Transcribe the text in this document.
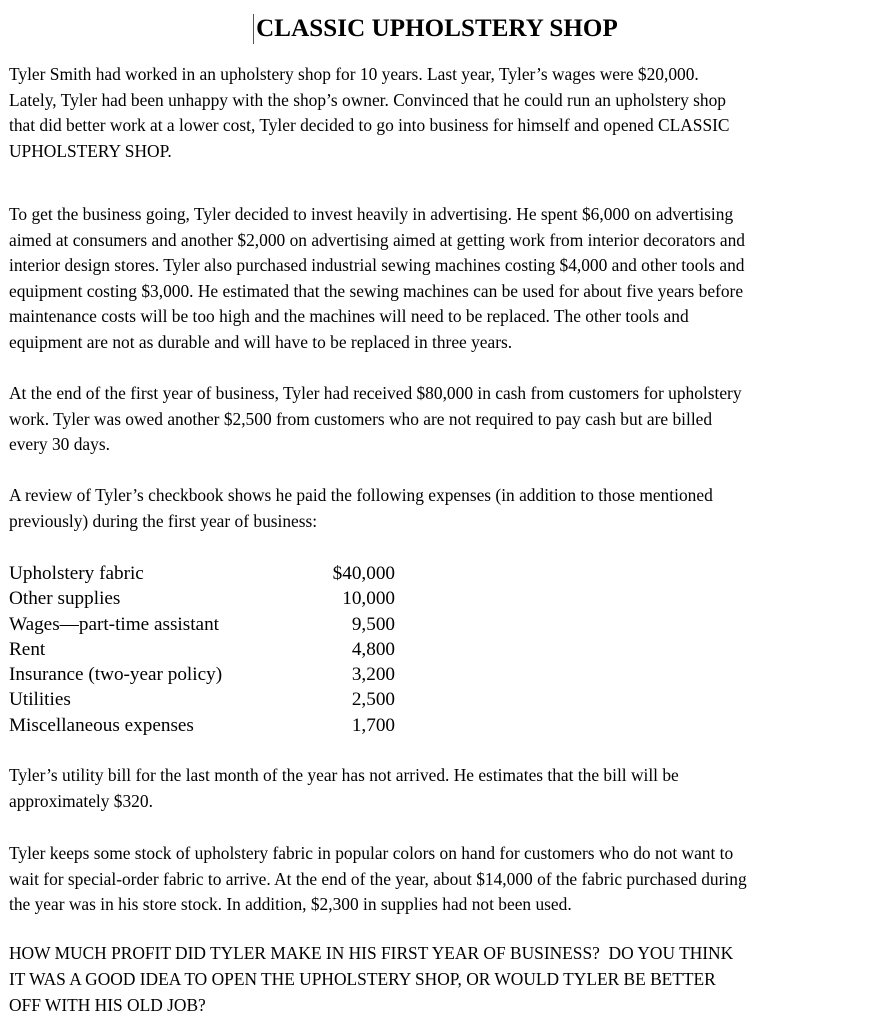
CLASSIC UPHOLSTERY SHOP

Tyler Smith had worked in an upholstery shop for 10 years. Last year, Tyler’s wages were $20,000.
Lately, Tyler had been unhappy with the shop’s owner. Convinced that he could run an upholstery shop
that did better work at a lower cost, Tyler decided to go into business for himself and opened CLASSIC
UPHOLSTERY SHOP.

To get the business going, Tyler decided to invest heavily in advertising. He spent $6,000 on advertising
aimed at consumers and another $2,000 on advertising aimed at getting work from interior decorators and
interior design stores. Tyler also purchased industrial sewing machines costing $4,000 and other tools and
equipment costing $3,000. He estimated that the sewing machines can be used for about five years before
maintenance costs will be too high and the machines will need to be replaced. The other tools and
equipment are not as durable and will have to be replaced in three years.

At the end of the first year of business, Tyler had received $80,000 in cash from customers for upholstery
work. Tyler was owed another $2,500 from customers who are not required to pay cash but are billed
every 30 days.

A review of Tyler’s checkbook shows he paid the following expenses (in addition to those mentioned
previously) during the first year of business:

Upholstery fabric	$40,000
Other supplies	10,000
Wages—part-time assistant	9,500
Rent	4,800
Insurance (two-year policy)	3,200
Utilities	2,500
Miscellaneous expenses	1,700

Tyler’s utility bill for the last month of the year has not arrived. He estimates that the bill will be
approximately $320.

Tyler keeps some stock of upholstery fabric in popular colors on hand for customers who do not want to
wait for special-order fabric to arrive. At the end of the year, about $14,000 of the fabric purchased during
the year was in his store stock. In addition, $2,300 in supplies had not been used.

HOW MUCH PROFIT DID TYLER MAKE IN HIS FIRST YEAR OF BUSINESS?  DO YOU THINK
IT WAS A GOOD IDEA TO OPEN THE UPHOLSTERY SHOP, OR WOULD TYLER BE BETTER
OFF WITH HIS OLD JOB?
